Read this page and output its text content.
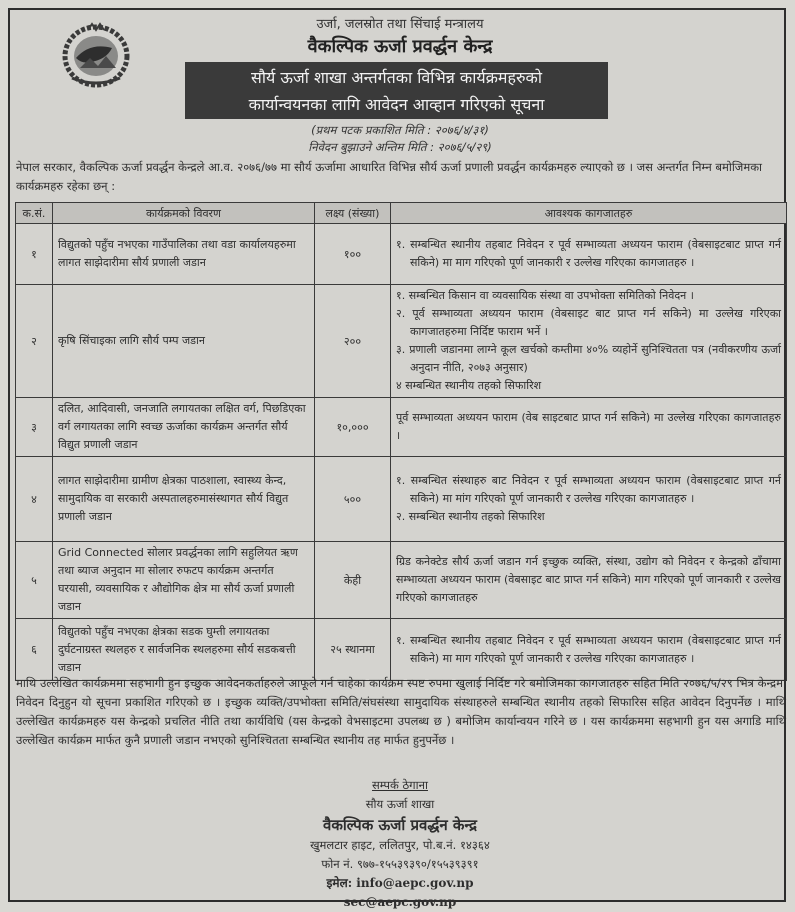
उर्जा, जलस्रोत तथा सिंचाई मन्त्रालय
वैकल्पिक ऊर्जा प्रवर्द्धन केन्द्र
सौर्य ऊर्जा शाखा अन्तर्गतका विभिन्न कार्यक्रमहरुको
कार्यान्वयनका लागि आवेदन आव्हान गरिएको सूचना
(प्रथम पटक प्रकाशित मिति : २०७६/४/३१)
निवेदन बुझाउने अन्तिम मिति : २०७६/५/२९)
नेपाल सरकार, वैकल्पिक ऊर्जा प्रवर्द्धन केन्द्रले आ.व. २०७६/७७ मा सौर्य ऊर्जामा आधारित विभिन्न सौर्य ऊर्जा प्रणाली प्रवर्द्धन कार्यक्रमहरु ल्याएको छ । जस अन्तर्गत निम्न बमोजिमका कार्यक्रमहरु रहेका छन् :
क.सं.	कार्यक्रमको विवरण	लक्ष्य (संख्या)	आवश्यक कागजातहरु
१	विद्युतको पहुँच नभएका गाउँपालिका तथा वडा कार्यालयहरुमा लागत साझेदारीमा सौर्य प्रणाली जडान	१००	१. सम्बन्धित स्थानीय तहबाट निवेदन र पूर्व सम्भाव्यता अध्ययन फाराम (वेबसाइटबाट प्राप्त गर्न सकिने) मा माग गरिएको पूर्ण जानकारी र उल्लेख गरिएका कागजातहरु ।

२	कृषि सिंचाइका लागि सौर्य पम्प जडान	२००	१. सम्बन्धित किसान वा व्यवसायिक संस्था वा उपभोक्ता समितिको निवेदन ।
२. पूर्व सम्भाव्यता अध्ययन फाराम (वेबसाइट बाट प्राप्त गर्न सकिने) मा उल्लेख गरिएका कागजातहरुमा निर्दिष्ट फाराम भर्ने ।
३. प्रणाली जडानमा लाग्ने कूल खर्चको कम्तीमा ४०% व्यहोर्ने सुनिश्चितता पत्र (नवीकरणीय ऊर्जा अनुदान नीति, २०७३ अनुसार)
४ सम्बन्धित स्थानीय तहको सिफारिश

३	दलित, आदिवासी, जनजाति लगायतका लक्षित वर्ग, पिछडिएका वर्ग लगायतका लागि स्वच्छ ऊर्जाका कार्यक्रम अन्तर्गत सौर्य विद्युत प्रणाली जडान	१०,०००	पूर्व सम्भाव्यता अध्ययन फाराम (वेब साइटबाट प्राप्त गर्न सकिने) मा उल्लेख गरिएका कागजातहरु ।

४	लागत साझेदारीमा ग्रामीण क्षेत्रका पाठशाला, स्वास्थ्य केन्द, सामुदायिक वा सरकारी अस्पतालहरुमासंस्थागत सौर्य विद्युत प्रणाली जडान	५००	१. सम्बन्धित संस्थाहरु बाट निवेदन र पूर्व सम्भाव्यता अध्ययन फाराम (वेबसाइटबाट प्राप्त गर्न सकिने) मा मांग गरिएको पूर्ण जानकारी र उल्लेख गरिएका कागजातहरु ।
२. सम्बन्धित स्थानीय तहको सिफारिश

५	Grid Connected सोलार प्रवर्द्धनका लागि सहुलियत ऋण तथा ब्याज अनुदान मा सोलार रुफटप कार्यक्रम अन्तर्गत घरयासी, व्यवसायिक र औद्योगिक क्षेत्र मा सौर्य ऊर्जा प्रणाली जडान	केही	ग्रिड कनेक्टेड सौर्य ऊर्जा जडान गर्न इच्छुक व्यक्ति, संस्था, उद्योग को निवेदन र केन्द्रको ढाँचामा सम्भाव्यता अध्ययन फाराम (वेबसाइट बाट प्राप्त गर्न सकिने) माग गरिएको पूर्ण जानकारी र उल्लेख गरिएको कागजातहरु

६	विद्युतको पहुँच नभएका क्षेत्रका सडक घुम्ती लगायतका दुर्घटनाग्रस्त स्थलहरु र सार्वजनिक स्थलहरुमा सौर्य सडकबत्ती जडान	२५ स्थानमा	१. सम्बन्धित स्थानीय तहबाट निवेदन र पूर्व सम्भाव्यता अध्ययन फाराम (वेबसाइटबाट प्राप्त गर्न सकिने) मा माग गरिएको पूर्ण जानकारी र उल्लेख गरिएका कागजातहरु ।
माथि उल्लेखित कार्यक्रममा सहभागी हुन इच्छुक आवेदनकर्ताहरुले आफूले गर्न चाहेका कार्यक्रम स्पष्ट रुपमा खुलाई निर्दिष्ट गरे बमोजिमका कागजातहरु सहित मिति २०७६/५/२९ भित्र केन्द्रमा निवेदन दिनुहुन यो सूचना प्रकाशित गरिएको छ । इच्छुक व्यक्ति/उपभोक्ता समिति/संघसंस्था सामुदायिक संस्थाहरुले सम्बन्धित स्थानीय तहको सिफारिस सहित आवेदन दिनुपर्नेछ । माथि उल्लेखित कार्यक्रमहरु यस केन्द्रको प्रचलित नीति तथा कार्यविधि (यस केन्द्रको वेभसाइटमा उपलब्ध छ ) बमोजिम कार्यान्वयन गरिने छ । यस कार्यक्रममा सहभागी हुन यस अगाडि माथि उल्लेखित कार्यक्रम मार्फत कुनै प्रणाली जडान नभएको सुनिश्चितता सम्बन्धित स्थानीय तह मार्फत हुनुपर्नेछ ।
सम्पर्क ठेगाना
सौय ऊर्जा शाखा
वैकल्पिक ऊर्जा प्रवर्द्धन केन्द्र
खुमलटार हाइट, ललितपुर, पो.ब.नं. १४३६४
फोन नं. ९७७-१५५३९३९०/१५५३९३९१
इमेल: info@aepc.gov.np
sec@aepc.gov.np
